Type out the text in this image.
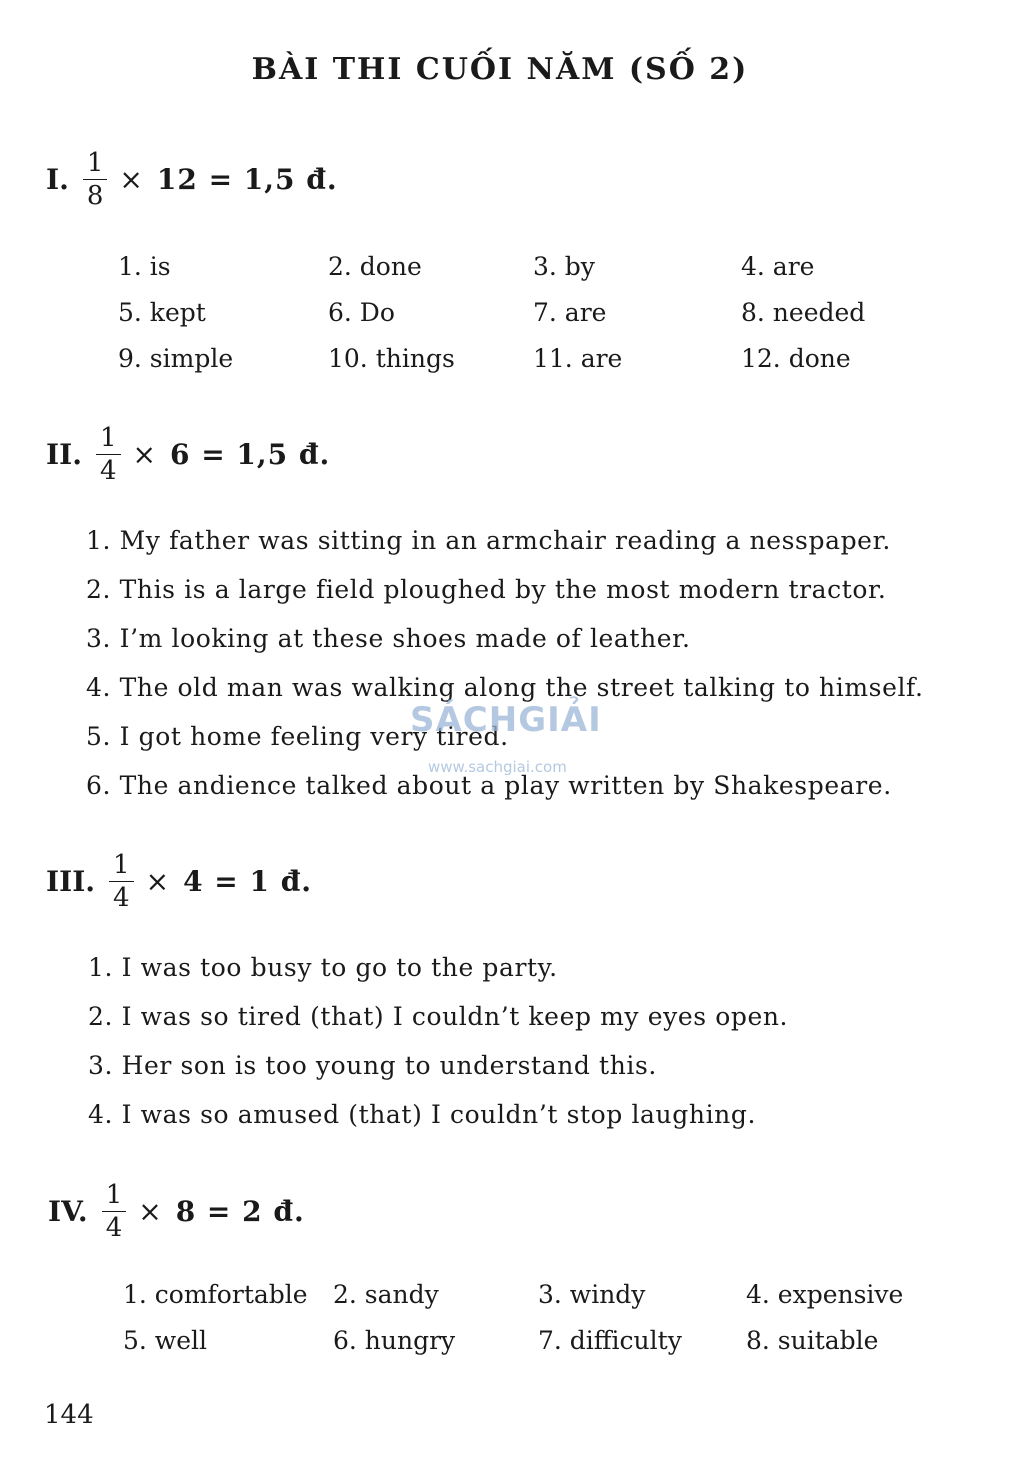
BÀI THI CUỐI NĂM (SỐ 2)
I. $\frac{1}{8} \times 12 = 1,5$ đ.
1. is	2. done	3. by	4. are
5. kept	6. Do	7. are	8. needed
9. simple	10. things	11. are	12. done
II. $\frac{1}{4} \times 6 = 1,5$ đ.
1. My father was sitting in an armchair reading a nesspaper.
2. This is a large field ploughed by the most modern tractor.
3. I’m looking at these shoes made of leather.
4. The old man was walking along the street talking to himself.
5. I got home feeling very tired.
6. The andience talked about a play written by Shakespeare.
III. $\frac{1}{4} \times 4 = 1$ đ.
1. I was too busy to go to the party.
2. I was so tired (that) I couldn’t keep my eyes open.
3. Her son is too young to understand this.
4. I was so amused (that) I couldn’t stop laughing.
IV. $\frac{1}{4} \times 8 = 2$ đ.
1. comfortable	2. sandy	3. windy	4. expensive
5. well	6. hungry	7. difficulty	8. suitable
SÁCHGIẢI
www.sachgiai.com
144
